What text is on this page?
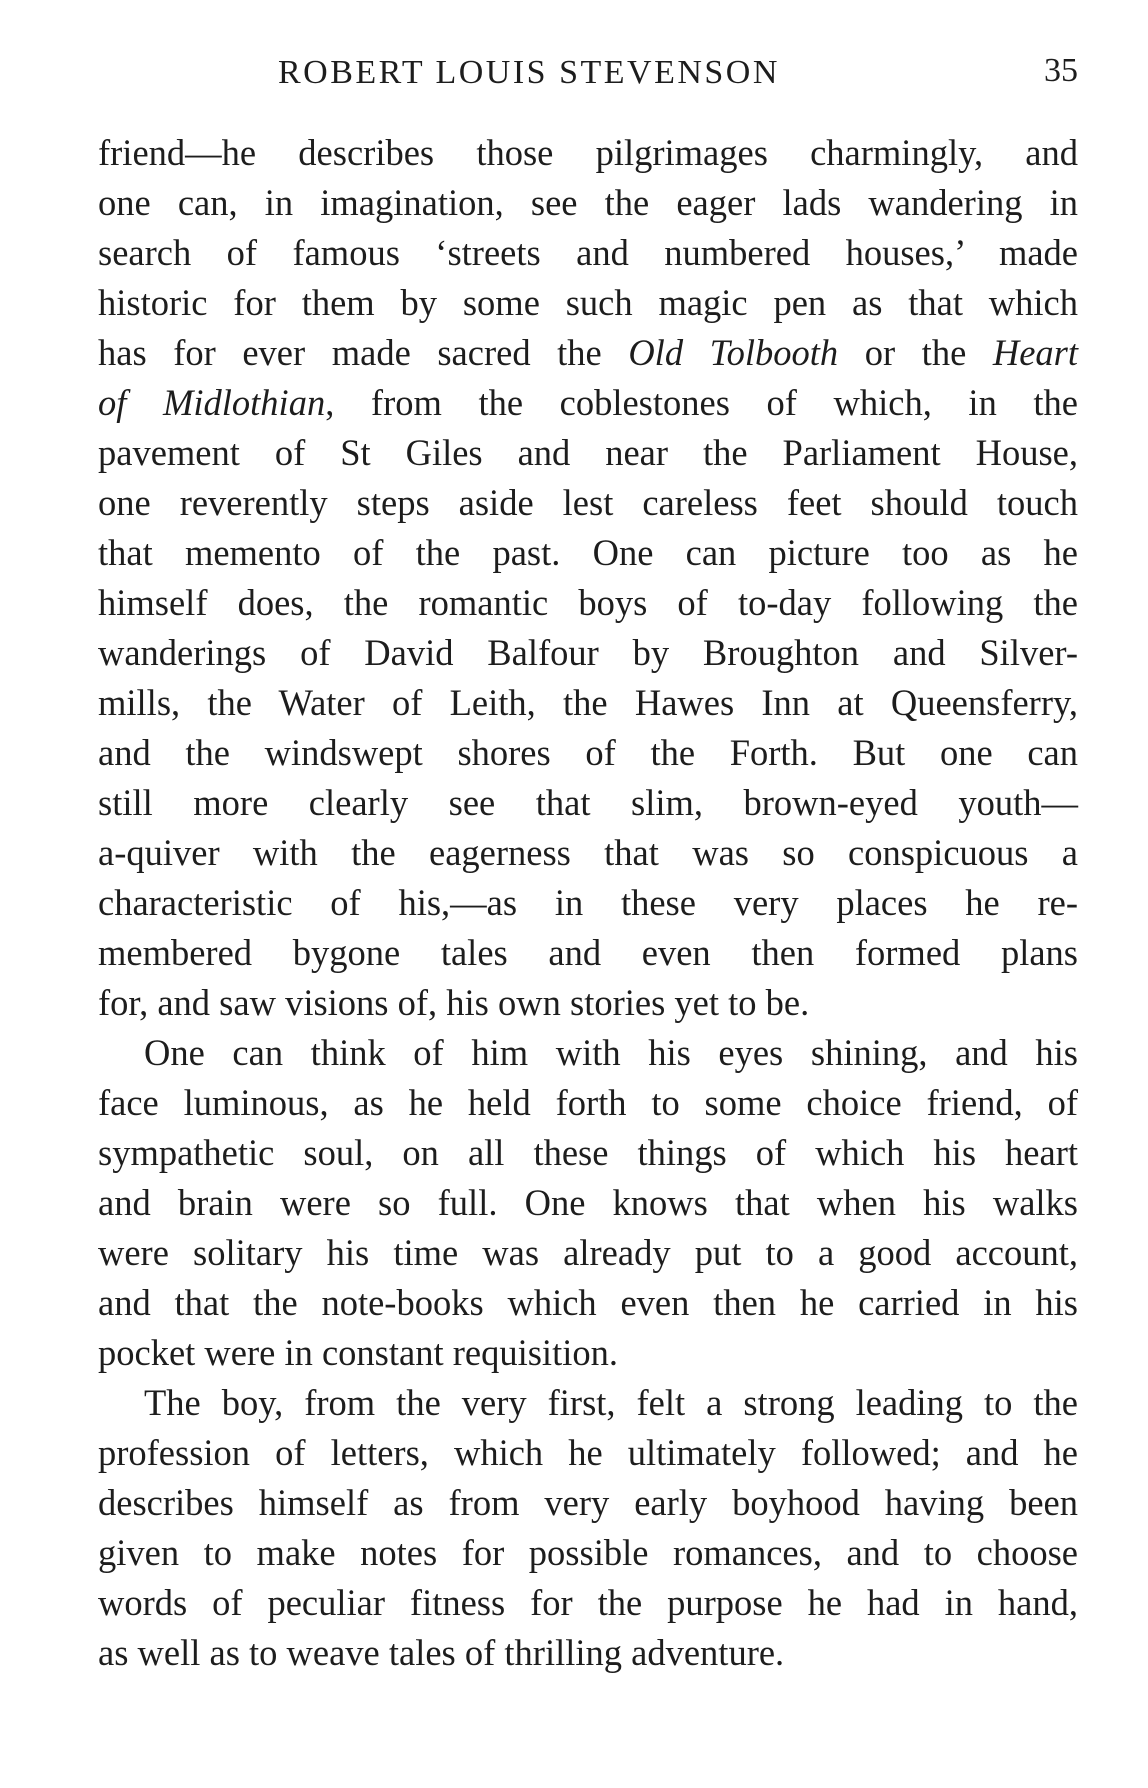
ROBERT LOUIS STEVENSON	35
friend—he describes those pilgrimages charmingly, and
one can, in imagination, see the eager lads wandering in
search of famous ‘streets and numbered houses,’ made
historic for them by some such magic pen as that which
has for ever made sacred the Old Tolbooth or the Heart
of Midlothian, from the coblestones of which, in the
pavement of St Giles and near the Parliament House,
one reverently steps aside lest careless feet should touch
that memento of the past. One can picture too as he
himself does, the romantic boys of to-day following the
wanderings of David Balfour by Broughton and Silver-
mills, the Water of Leith, the Hawes Inn at Queensferry,
and the windswept shores of the Forth. But one can
still more clearly see that slim, brown-eyed youth—
a-quiver with the eagerness that was so conspicuous a
characteristic of his,—as in these very places he re-
membered bygone tales and even then formed plans
for, and saw visions of, his own stories yet to be.
One can think of him with his eyes shining, and his
face luminous, as he held forth to some choice friend, of
sympathetic soul, on all these things of which his heart
and brain were so full. One knows that when his walks
were solitary his time was already put to a good account,
and that the note-books which even then he carried in his
pocket were in constant requisition.
The boy, from the very first, felt a strong leading to the
profession of letters, which he ultimately followed; and he
describes himself as from very early boyhood having been
given to make notes for possible romances, and to choose
words of peculiar fitness for the purpose he had in hand,
as well as to weave tales of thrilling adventure.
